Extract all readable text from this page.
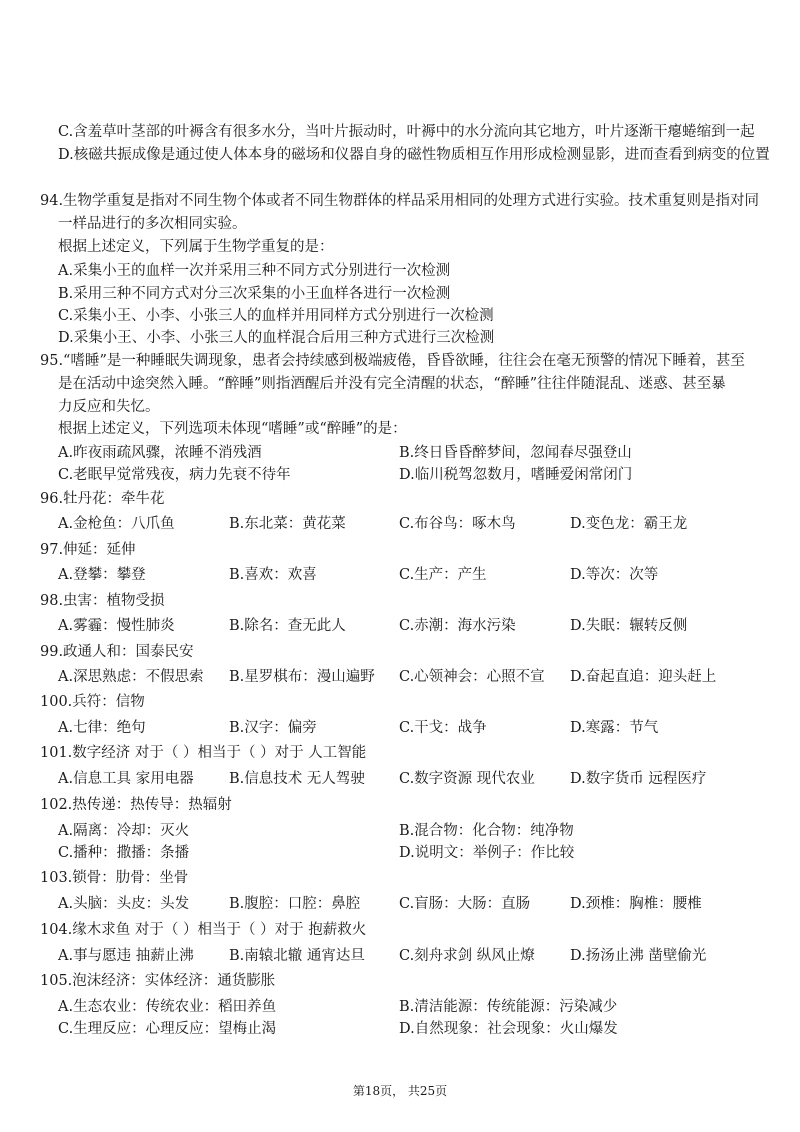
C.含羞草叶茎部的叶褥含有很多水分，当叶片振动时，叶褥中的水分流向其它地方，叶片逐渐干瘪蜷缩到一起
D.核磁共振成像是通过使人体本身的磁场和仪器自身的磁性物质相互作用形成检测显影，进而查看到病变的位置
94.生物学重复是指对不同生物个体或者不同生物群体的样品采用相同的处理方式进行实验。技术重复则是指对同
一样品进行的多次相同实验。
根据上述定义，下列属于生物学重复的是：
A.采集小王的血样一次并采用三种不同方式分别进行一次检测
B.采用三种不同方式对分三次采集的小王血样各进行一次检测
C.采集小王、小李、小张三人的血样并用同样方式分别进行一次检测
D.采集小王、小李、小张三人的血样混合后用三种方式进行三次检测
95.“嗜睡”是一种睡眠失调现象，患者会持续感到极端疲倦，昏昏欲睡，往往会在毫无预警的情况下睡着，甚至
是在活动中途突然入睡。“醉睡”则指酒醒后并没有完全清醒的状态，“醉睡”往往伴随混乱、迷惑、甚至暴
力反应和失忆。
根据上述定义，下列选项未体现“嗜睡”或“醉睡”的是：
A.昨夜雨疏风骤，浓睡不消残酒	B.终日昏昏醉梦间，忽闻春尽强登山
C.老眠早觉常残夜，病力先衰不待年	D.临川税驾忽数月，嗜睡爱闲常闭门
96.牡丹花：牵牛花
A.金枪鱼：八爪鱼	B.东北菜：黄花菜	C.布谷鸟：啄木鸟	D.变色龙：霸王龙
97.伸延：延伸
A.登攀：攀登	B.喜欢：欢喜	C.生产：产生	D.等次：次等
98.虫害：植物受损
A.雾霾：慢性肺炎	B.除名：查无此人	C.赤潮：海水污染	D.失眠：辗转反侧
99.政通人和：国泰民安
A.深思熟虑：不假思索 B.星罗棋布：漫山遍野 C.心领神会：心照不宣 D.奋起直追：迎头赶上
100.兵符：信物
A.七律：绝句	B.汉字：偏旁	C.干戈：战争	D.寒露：节气
101.数字经济 对于（ ）相当于（ ）对于 人工智能
A.信息工具 家用电器 B.信息技术 无人驾驶 C.数字资源 现代农业 D.数字货币 远程医疗
102.热传递：热传导：热辐射
A.隔离：冷却：灭火	B.混合物：化合物：纯净物
C.播种：撒播：条播	D.说明文：举例子：作比较
103.锁骨：肋骨：坐骨
A.头脑：头皮：头发	B.腹腔：口腔：鼻腔	C.盲肠：大肠：直肠	D.颈椎：胸椎：腰椎
104.缘木求鱼 对于（ ）相当于（ ）对于 抱薪救火
A.事与愿违 抽薪止沸 B.南辕北辙 通宵达旦 C.刻舟求剑 纵风止燎 D.扬汤止沸 凿壁偷光
105.泡沫经济：实体经济：通货膨胀
A.生态农业：传统农业：稻田养鱼	B.清洁能源：传统能源：污染减少
C.生理反应：心理反应：望梅止渴	D.自然现象：社会现象：火山爆发
第18页， 共25页
